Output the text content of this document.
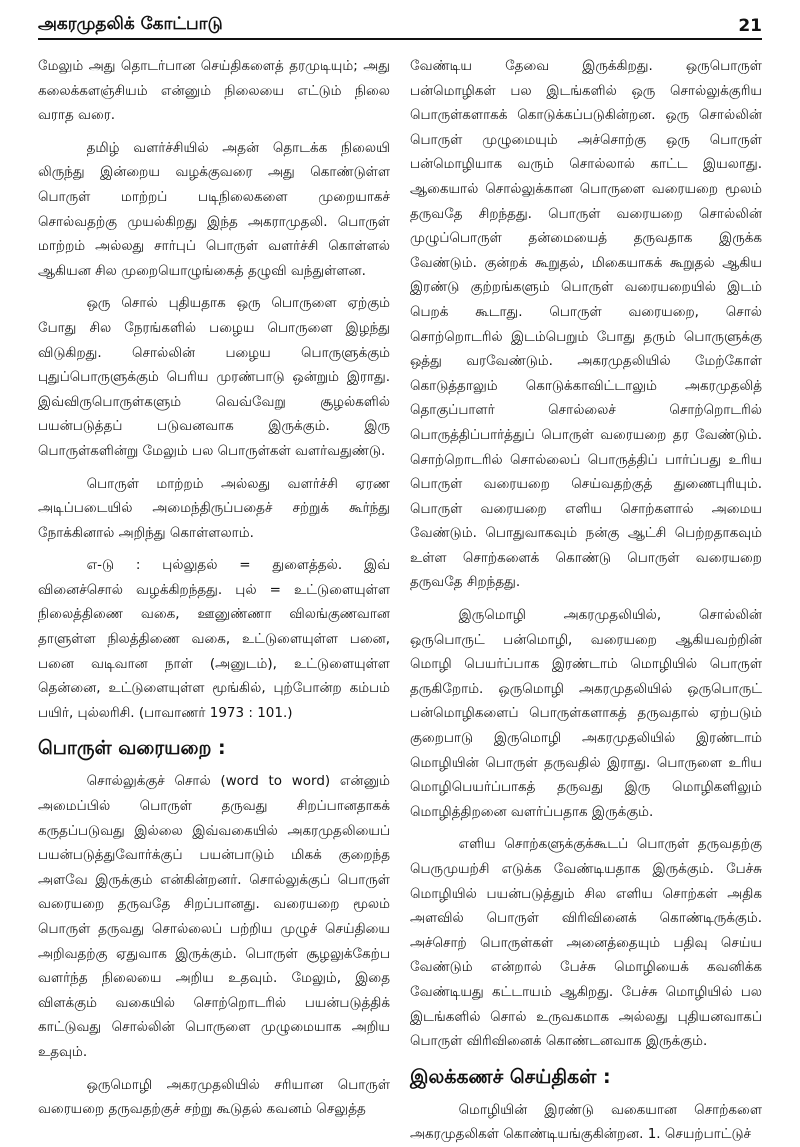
அகரமுதலிக் கோட்பாடு	21

மேலும் அது தொடர்பான செய்திகளைத் தரமுடியும்; அது கலைக்களஞ்சியம் என்னும் நிலையை எட்டும் நிலை வராத வரை.

தமிழ் வளர்ச்சியில் அதன் தொடக்க நிலையி லிருந்து இன்றைய வழக்குவரை அது கொண்டுள்ள பொருள் மாற்றப் படிநிலைகளை முறையாகச் சொல்வதற்கு முயல்கிறது இந்த அகராமுதலி. பொருள் மாற்றம் அல்லது சார்புப் பொருள் வளர்ச்சி கொள்ளல் ஆகியன சில முறையொழுங்கைத் தழுவி வந்துள்ளன.

ஒரு சொல் புதியதாக ஒரு பொருளை ஏற்கும் போது சில நேரங்களில் பழைய பொருளை இழந்து விடுகிறது. சொல்லின் பழைய பொருளுக்கும் புதுப்பொருளுக்கும் பெரிய முரண்பாடு ஒன்றும் இராது. இவ்விருபொருள்களும் வெவ்வேறு சூழல்களில் பயன்படுத்தப் படுவனவாக இருக்கும். இரு பொருள்களின்று மேலும் பல பொருள்கள் வளர்வதுண்டு.

பொருள் மாற்றம் அல்லது வளர்ச்சி ஏரண அடிப்படையில் அமைந்திருப்பதைச் சற்றுக் கூர்ந்து நோக்கினால் அறிந்து கொள்ளலாம்.

எ-டு : புல்லுதல் = துளைத்தல். இவ் வினைச்சொல் வழக்கிறந்தது. புல் = உட்டுளையுள்ள நிலைத்திணை வகை, ஊனுண்ணா விலங்குணவான தாளுள்ள நிலத்திணை வகை, உட்டுளையுள்ள பனை, பனை வடிவான நாள் (அனுடம்), உட்டுளையுள்ள தென்னை, உட்டுளையுள்ள மூங்கில், புற்போன்ற கம்பம் பயிர், புல்லரிசி. (பாவாணர் 1973 : 101.)

பொருள் வரையறை :

சொல்லுக்குச் சொல் (word to word) என்னும் அமைப்பில் பொருள் தருவது சிறப்பானதாகக் கருதப்படுவது இல்லை இவ்வகையில் அகரமுதலியைப் பயன்படுத்துவோர்க்குப் பயன்பாடும் மிகக் குறைந்த அளவே இருக்கும் என்கின்றனர். சொல்லுக்குப் பொருள் வரையறை தருவதே சிறப்பானது. வரையறை மூலம் பொருள் தருவது சொல்லைப் பற்றிய முழுச் செய்தியை அறிவதற்கு ஏதுவாக இருக்கும். பொருள் சூழலுக்கேற்ப வளர்ந்த நிலையை அறிய உதவும். மேலும், இதை விளக்கும் வகையில் சொற்றொடரில் பயன்படுத்திக் காட்டுவது சொல்லின் பொருளை முழுமையாக அறிய உதவும்.

ஒருமொழி அகரமுதலியில் சரியான பொருள் வரையறை தருவதற்குச் சற்று கூடுதல் கவனம் செலுத்த

வேண்டிய தேவை இருக்கிறது. ஒருபொருள் பன்மொழிகள் பல இடங்களில் ஒரு சொல்லுக்குரிய பொருள்களாகக் கொடுக்கப்படுகின்றன. ஒரு சொல்லின் பொருள் முழுமையும் அச்சொற்கு ஒரு பொருள் பன்மொழியாக வரும் சொல்லால் காட்ட இயலாது. ஆகையால் சொல்லுக்கான பொருளை வரையறை மூலம் தருவதே சிறந்தது. பொருள் வரையறை சொல்லின் முழுப்பொருள் தன்மையைத் தருவதாக இருக்க வேண்டும். குன்றக் கூறுதல், மிகையாகக் கூறுதல் ஆகிய இரண்டு குற்றங்களும் பொருள் வரையறையில் இடம் பெறக் கூடாது. பொருள் வரையறை, சொல் சொற்றொடரில் இடம்பெறும் போது தரும் பொருளுக்கு ஒத்து வரவேண்டும். அகரமுதலியில் மேற்கோள் கொடுத்தாலும் கொடுக்காவிட்டாலும் அகரமுதலித் தொகுப்பாளர் சொல்லைச் சொற்றொடரில் பொருத்திப்பார்த்துப் பொருள் வரையறை தர வேண்டும். சொற்றொடரில் சொல்லைப் பொருத்திப் பார்ப்பது உரிய பொருள் வரையறை செய்வதற்குத் துணைபுரியும். பொருள் வரையறை எளிய சொற்களால் அமைய வேண்டும். பொதுவாகவும் நன்கு ஆட்சி பெற்றதாகவும் உள்ள சொற்களைக் கொண்டு பொருள் வரையறை தருவதே சிறந்தது.

இருமொழி அகரமுதலியில், சொல்லின் ஒருபொருட் பன்மொழி, வரையறை ஆகியவற்றின் மொழி பெயர்ப்பாக இரண்டாம் மொழியில் பொருள் தருகிறோம். ஒருமொழி அகரமுதலியில் ஒருபொருட் பன்மொழிகளைப் பொருள்களாகத் தருவதால் ஏற்படும் குறைபாடு இருமொழி அகரமுதலியில் இரண்டாம் மொழியின் பொருள் தருவதில் இராது. பொருளை உரிய மொழிபெயர்ப்பாகத் தருவது இரு மொழிகளிலும் மொழித்திறனை வளர்ப்பதாக இருக்கும்.

எளிய சொற்களுக்குக்கூடப் பொருள் தருவதற்கு பெருமுயற்சி எடுக்க வேண்டியதாக இருக்கும். பேச்சு மொழியில் பயன்படுத்தும் சில எளிய சொற்கள் அதிக அளவில் பொருள் விரிவினைக் கொண்டிருக்கும். அச்சொற் பொருள்கள் அனைத்தையும் பதிவு செய்ய வேண்டும் என்றால் பேச்சு மொழியைக் கவனிக்க வேண்டியது கட்டாயம் ஆகிறது. பேச்சு மொழியில் பல இடங்களில் சொல் உருவகமாக அல்லது புதியனவாகப் பொருள் விரிவினைக் கொண்டனவாக இருக்கும்.

இலக்கணச் செய்திகள் :

மொழியின் இரண்டு வகையான சொற்களை அகரமுதலிகள் கொண்டியங்குகின்றன. 1. செயற்பாட்டுச்
